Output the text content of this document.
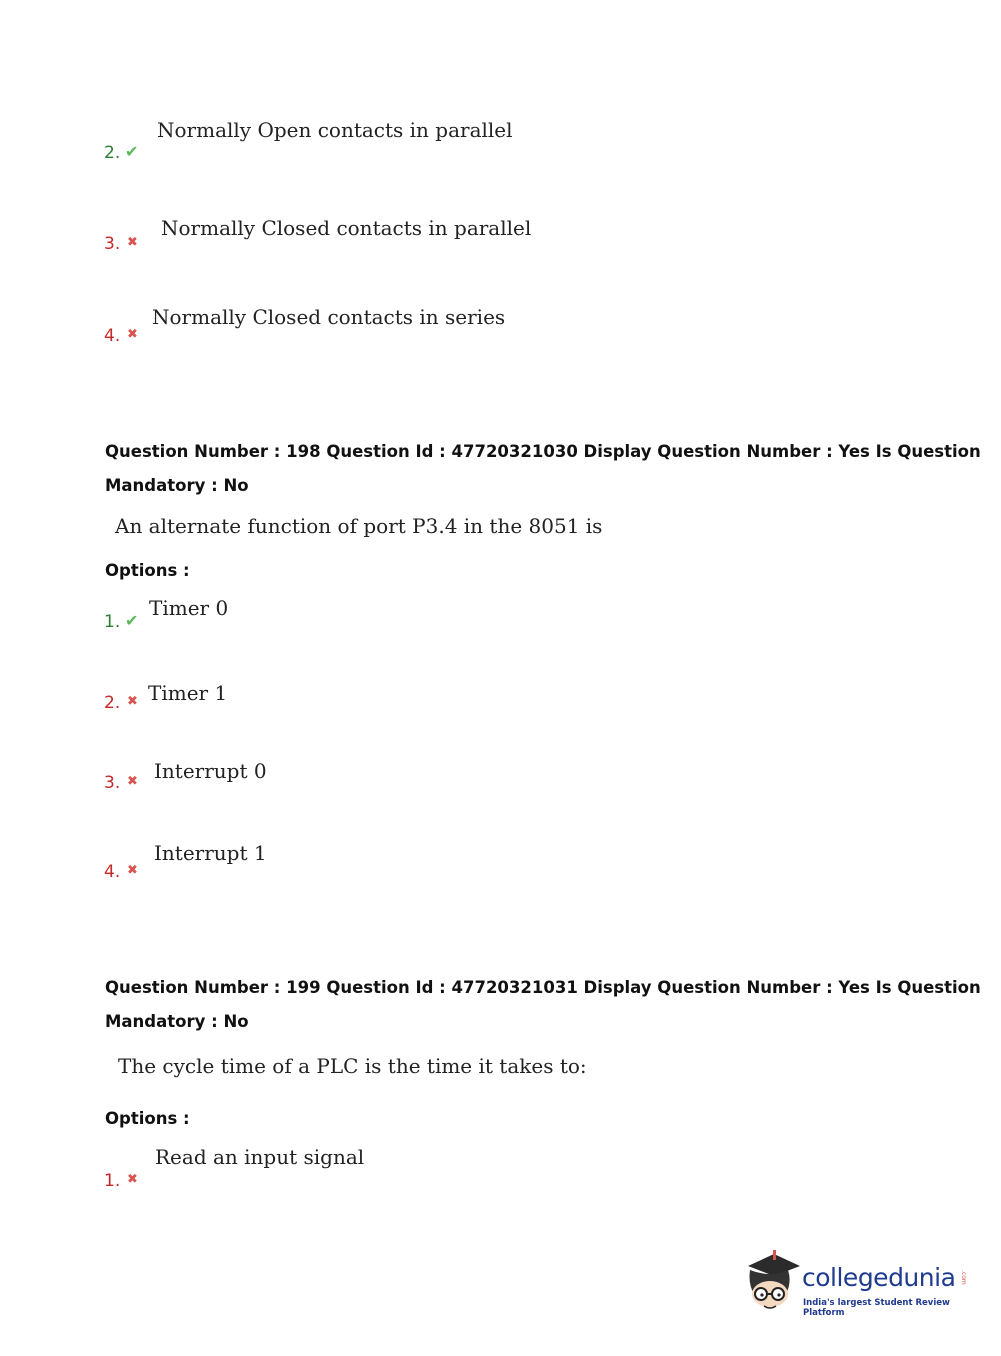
2. ✔
Normally Open contacts in parallel
3. ✖
Normally Closed contacts in parallel
4. ✖
Normally Closed contacts in series
Question Number : 198 Question Id : 47720321030 Display Question Number : Yes Is Question
Mandatory : No
An alternate function of port P3.4 in the 8051 is
Options :
1. ✔
Timer 0
2. ✖ Timer 1
3. ✖ Interrupt 0
4. ✖
Interrupt 1
Question Number : 199 Question Id : 47720321031 Display Question Number : Yes Is Question
Mandatory : No
The cycle time of a PLC is the time it takes to:
Options :
1. ✖
Read an input signal
collegedunia .com
India's largest Student Review Platform
